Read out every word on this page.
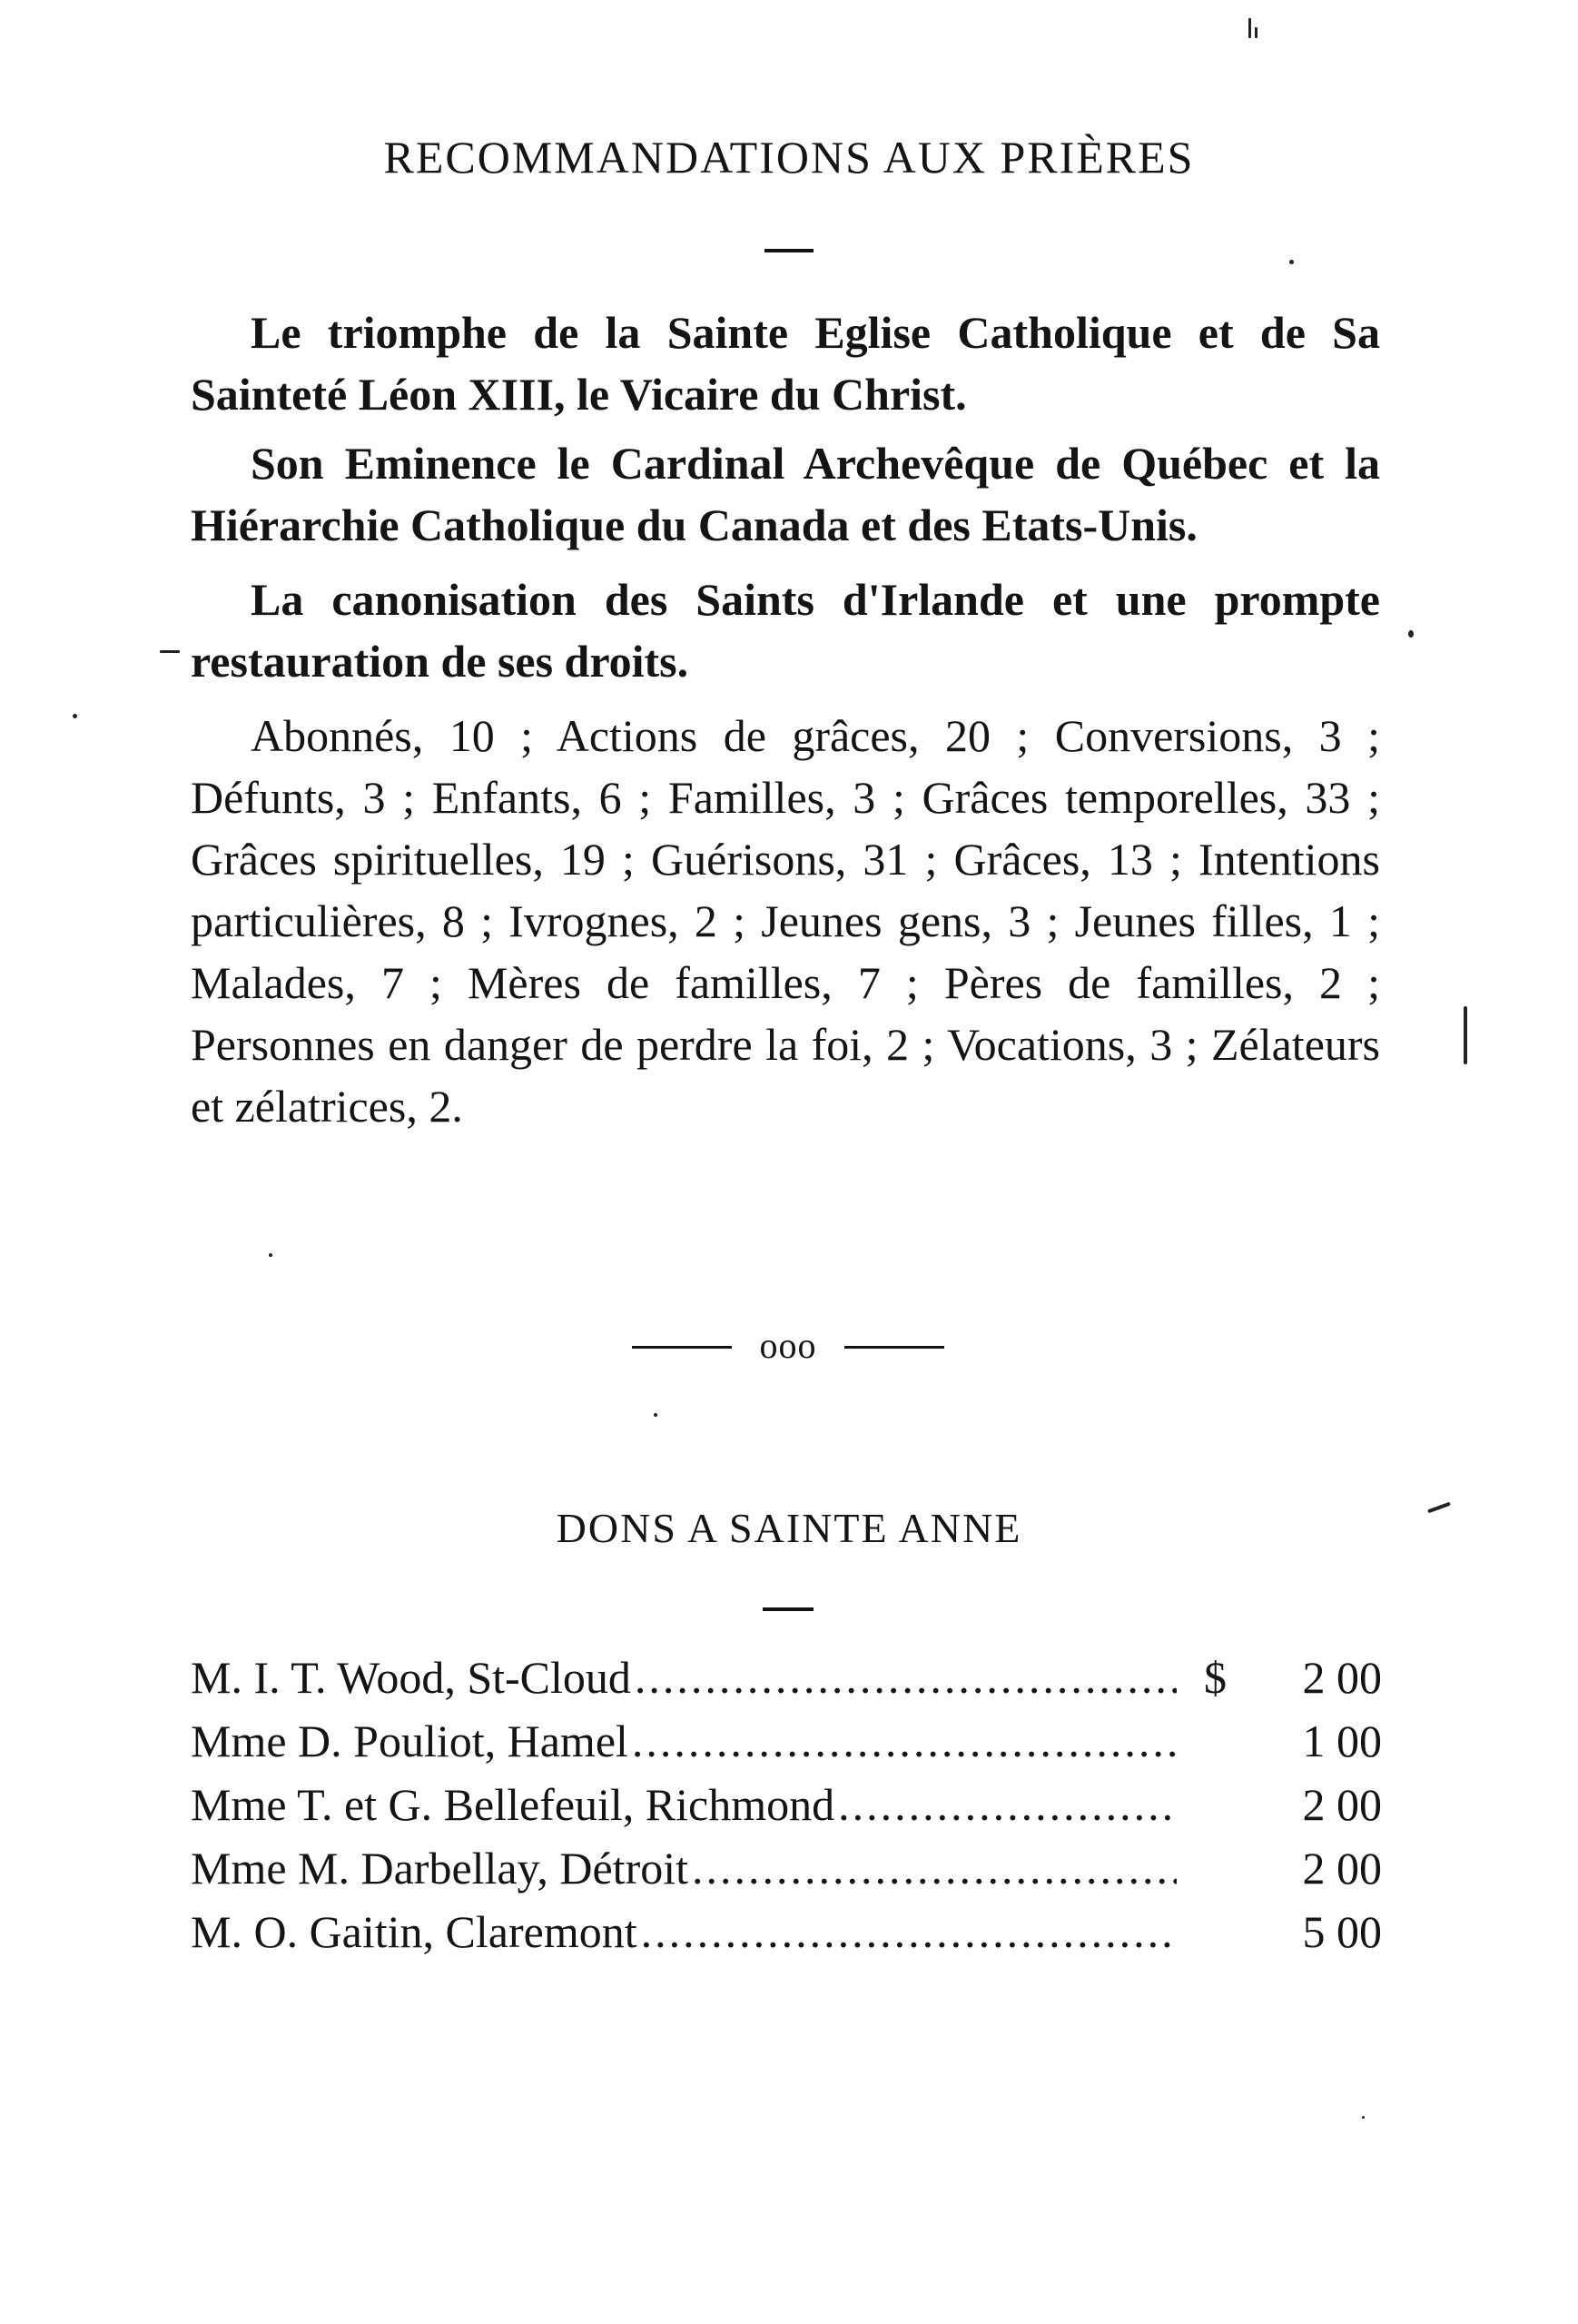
RECOMMANDATIONS AUX PRIÈRES

Le triomphe de la Sainte Eglise Catholique et de Sa Sainteté Léon XIII, le Vicaire du Christ.

Son Eminence le Cardinal Archevêque de Québec et la Hiérarchie Catholique du Canada et des Etats-Unis.

La canonisation des Saints d'Irlande et une prompte restauration de ses droits.

Abonnés, 10 ; Actions de grâces, 20 ; Conversions, 3 ; Défunts, 3 ; Enfants, 6 ; Familles, 3 ; Grâces temporelles, 33 ; Grâces spirituelles, 19 ; Guérisons, 31 ; Grâces, 13 ; Intentions particulières, 8 ; Ivrognes, 2 ; Jeunes gens, 3 ; Jeunes filles, 1 ; Malades, 7 ; Mères de familles, 7 ; Pères de familles, 2 ; Personnes en danger de perdre la foi, 2 ; Vocations, 3 ; Zélateurs et zélatrices, 2.

ooo
DONS A SAINTE ANNE
M. I. T. Wood, St-Cloud .....	$	2 00
Mme D. Pouliot, Hamel .....	1 00
Mme T. et G. Bellefeuil, Richmond .....	2 00
Mme M. Darbellay, Détroit .....	2 00
M. O. Gaitin, Claremont .....	5 00
